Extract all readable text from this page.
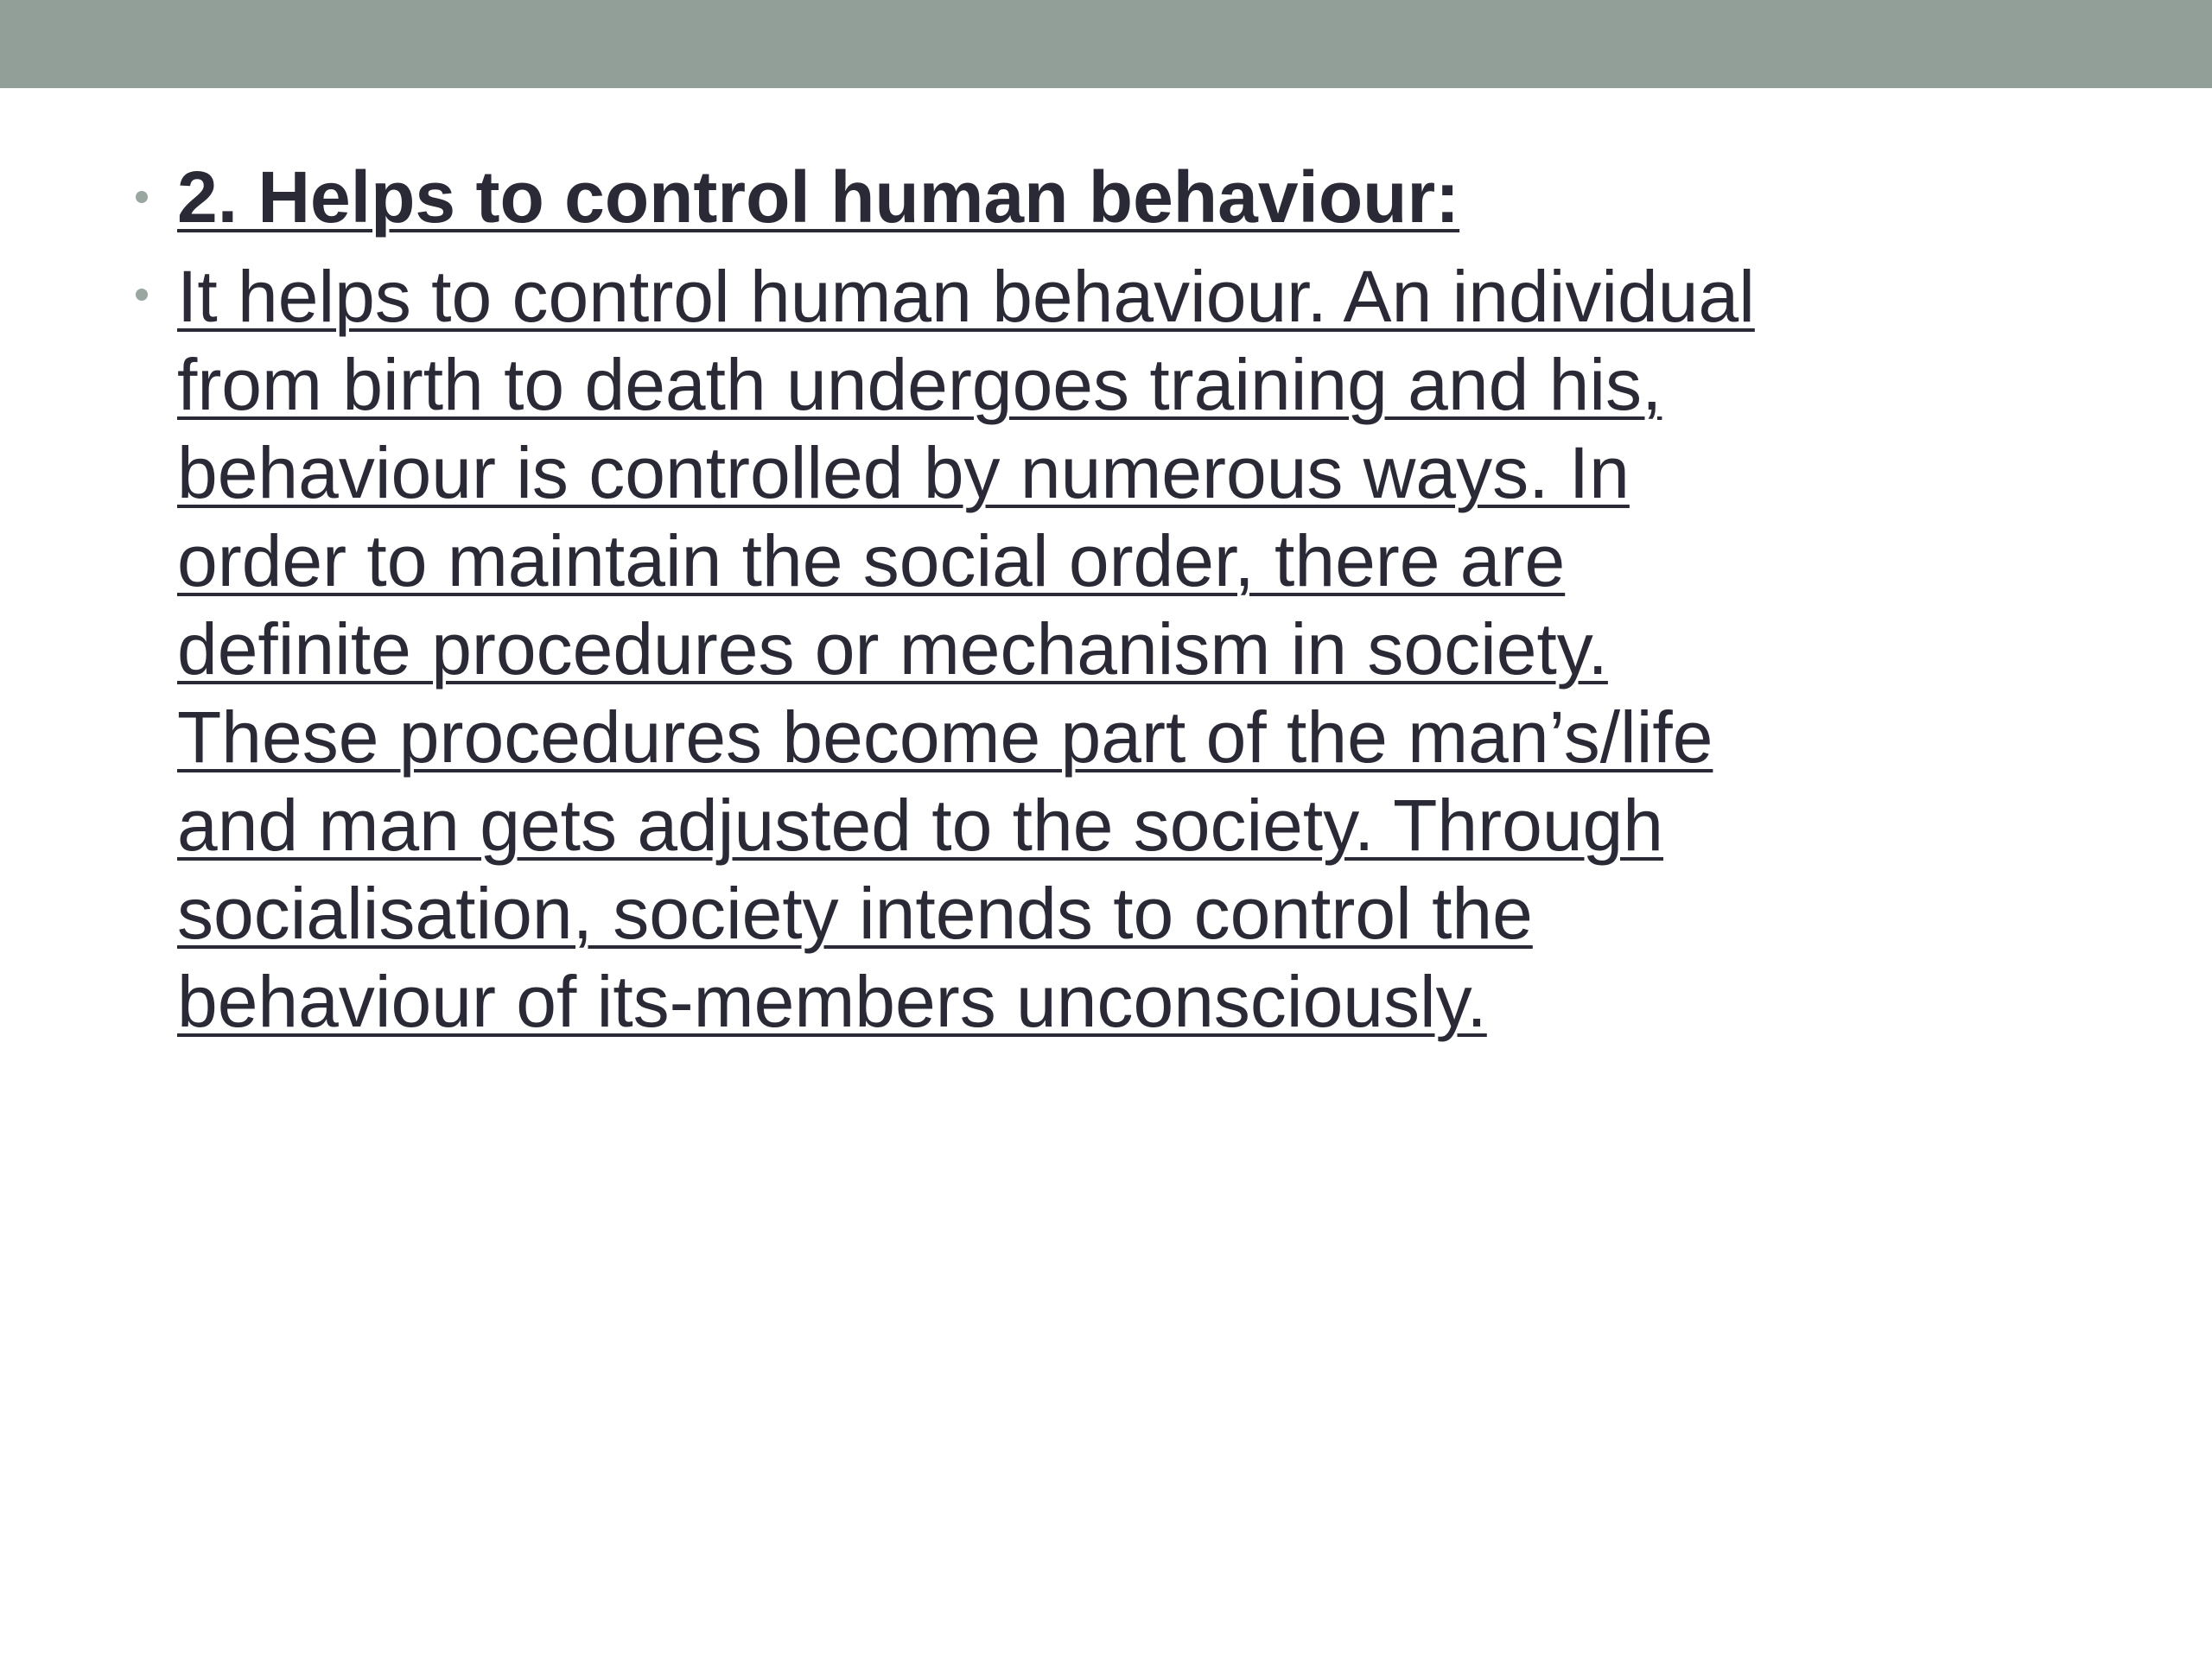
2. Helps to control human behaviour:
It helps to control human behaviour. An individual from birth to death undergoes training and his, behaviour is controlled by numerous ways. In order to maintain the social order, there are definite procedures or mechanism in society. These procedures become part of the man’s/life and man gets adjusted to the society. Through socialisation, society intends to control the behaviour of its-members unconsciously.
